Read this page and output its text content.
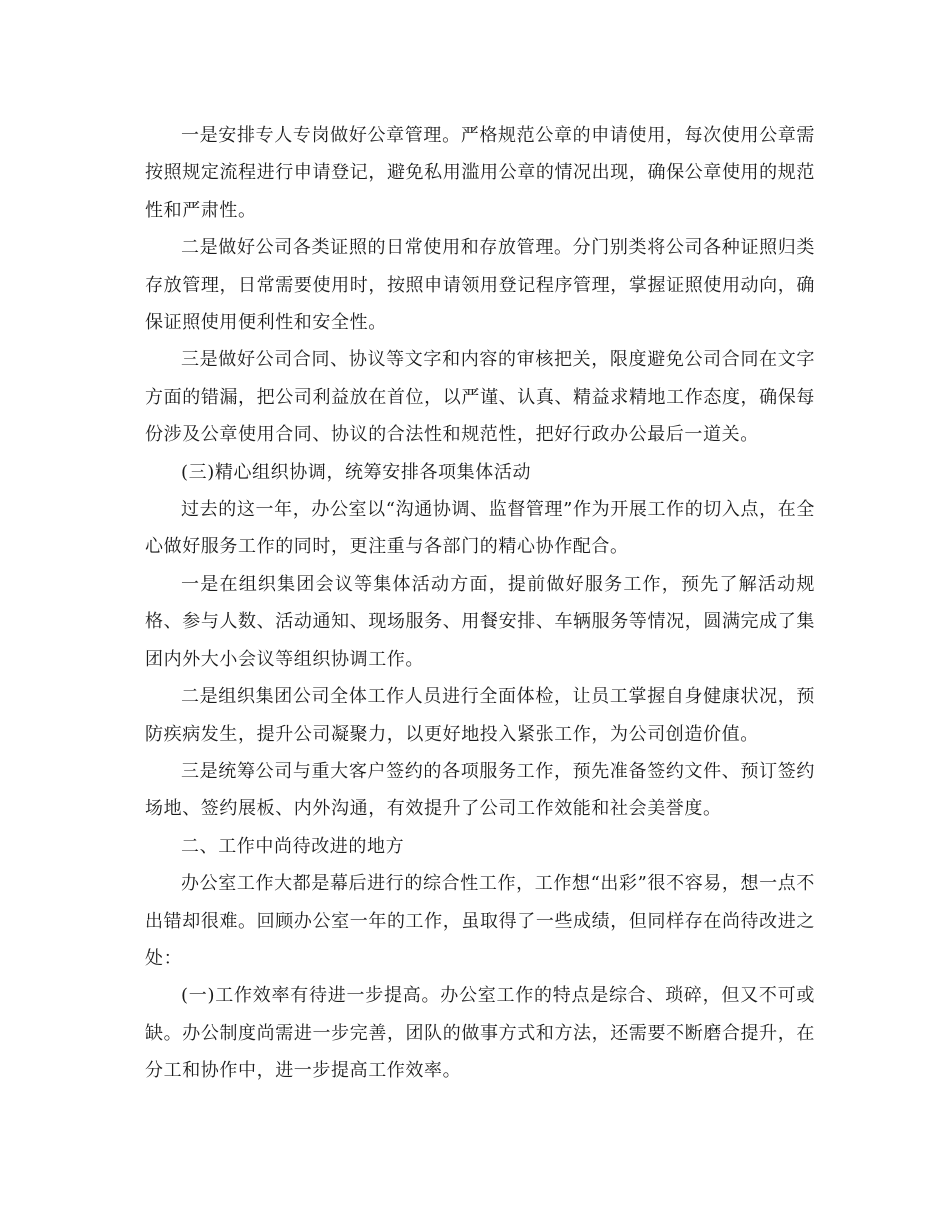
一是安排专人专岗做好公章管理。严格规范公章的申请使用，每次使用公章需按照规定流程进行申请登记，避免私用滥用公章的情况出现，确保公章使用的规范性和严肃性。

二是做好公司各类证照的日常使用和存放管理。分门别类将公司各种证照归类存放管理，日常需要使用时，按照申请领用登记程序管理，掌握证照使用动向，确保证照使用便利性和安全性。

三是做好公司合同、协议等文字和内容的审核把关，限度避免公司合同在文字方面的错漏，把公司利益放在首位，以严谨、认真、精益求精地工作态度，确保每份涉及公章使用合同、协议的合法性和规范性，把好行政办公最后一道关。

(三)精心组织协调，统筹安排各项集体活动

过去的这一年，办公室以“沟通协调、监督管理”作为开展工作的切入点，在全心做好服务工作的同时，更注重与各部门的精心协作配合。

一是在组织集团会议等集体活动方面，提前做好服务工作，预先了解活动规格、参与人数、活动通知、现场服务、用餐安排、车辆服务等情况，圆满完成了集团内外大小会议等组织协调工作。

二是组织集团公司全体工作人员进行全面体检，让员工掌握自身健康状况，预防疾病发生，提升公司凝聚力，以更好地投入紧张工作，为公司创造价值。

三是统筹公司与重大客户签约的各项服务工作，预先准备签约文件、预订签约场地、签约展板、内外沟通，有效提升了公司工作效能和社会美誉度。

二、工作中尚待改进的地方

办公室工作大都是幕后进行的综合性工作，工作想“出彩”很不容易，想一点不出错却很难。回顾办公室一年的工作，虽取得了一些成绩，但同样存在尚待改进之处：

(一)工作效率有待进一步提高。办公室工作的特点是综合、琐碎，但又不可或缺。办公制度尚需进一步完善，团队的做事方式和方法，还需要不断磨合提升，在分工和协作中，进一步提高工作效率。
